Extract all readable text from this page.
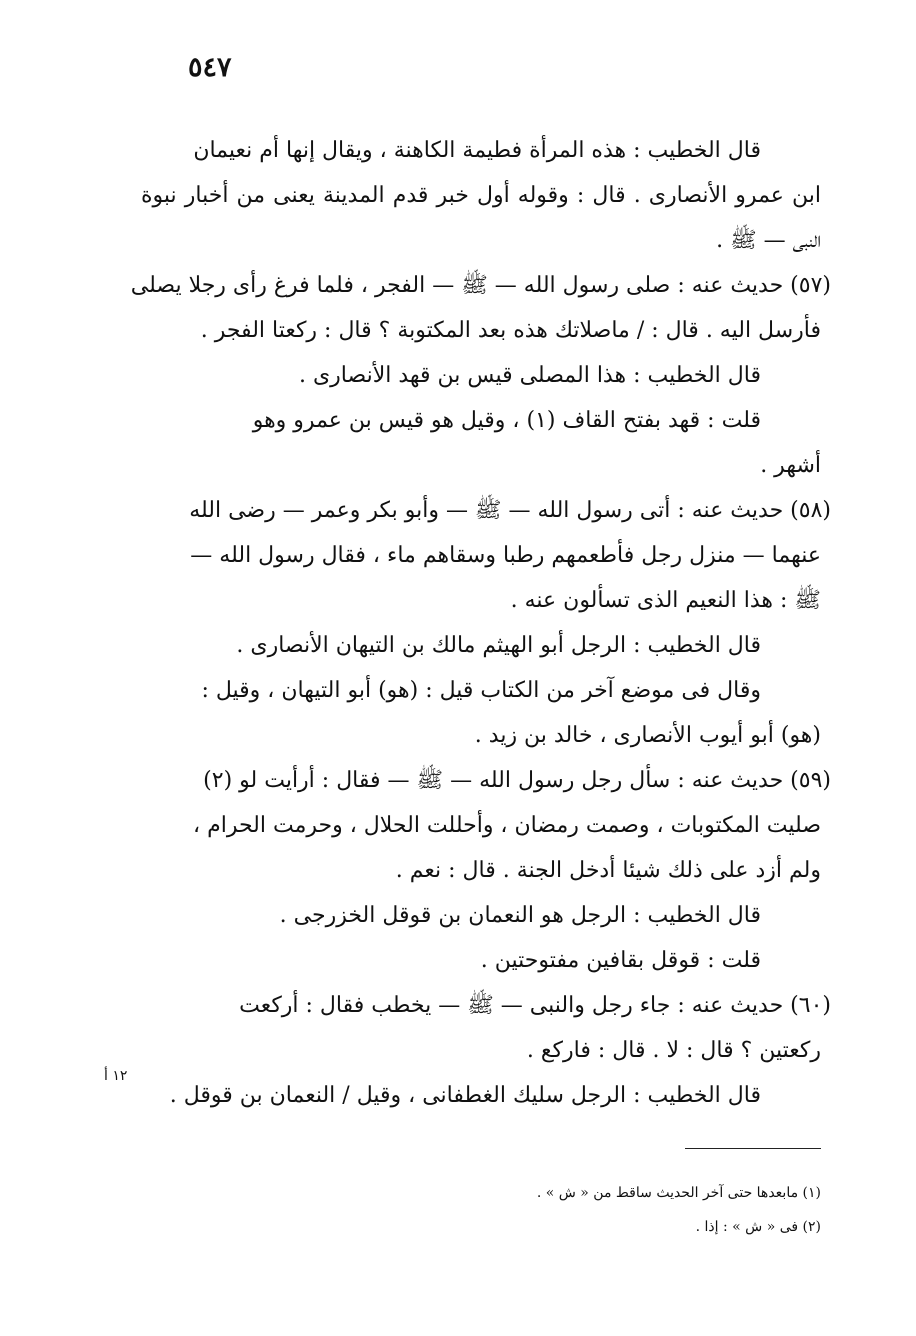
٥٤٧
قال الخطيب : هذه المرأة فطيمة الكاهنة ، ويقال إنها أم نعيمان
ابن عمرو الأنصارى . قال : وقوله أول خبر قدم المدينة يعنى من أخبار نبوة
النبى — ﷺ .
(٥٧) حديث عنه : صلى رسول الله — ﷺ — الفجر ، فلما فرغ رأى رجلا يصلى
فأرسل اليه . قال : / ماصلاتك هذه بعد المكتوبة ؟ قال : ركعتا الفجر .
قال الخطيب : هذا المصلى قيس بن قهد الأنصارى .
قلت : قهد بفتح القاف (١) ، وقيل هو قيس بن عمرو وهو
أشهر .
(٥٨) حديث عنه : أتى رسول الله — ﷺ — وأبو بكر وعمر — رضى الله
عنهما — منزل رجل فأطعمهم رطبا وسقاهم ماء ، فقال رسول الله —
ﷺ : هذا النعيم الذى تسألون عنه .
قال الخطيب : الرجل أبو الهيثم مالك بن التيهان الأنصارى .
وقال فى موضع آخر من الكتاب قيل : (هو) أبو التيهان ، وقيل :
(هو) أبو أيوب الأنصارى ، خالد بن زيد .
(٥٩) حديث عنه : سأل رجل رسول الله — ﷺ — فقال : أرأيت لو (٢)
صليت المكتوبات ، وصمت رمضان ، وأحللت الحلال ، وحرمت الحرام ،
ولم أزد على ذلك شيئا أدخل الجنة . قال : نعم .
قال الخطيب : الرجل هو النعمان بن قوقل الخزرجى .
قلت : قوقل بقافين مفتوحتين .
(٦٠) حديث عنه : جاء رجل والنبى — ﷺ — يخطب فقال : أركعت
ركعتين ؟ قال : لا . قال : فاركع .
قال الخطيب : الرجل سليك الغطفانى ، وقيل / النعمان بن قوقل .
١٢ أ
(١) مابعدها حتى آخر الحديث ساقط من « ش » .
(٢) فى « ش » : إذا .
